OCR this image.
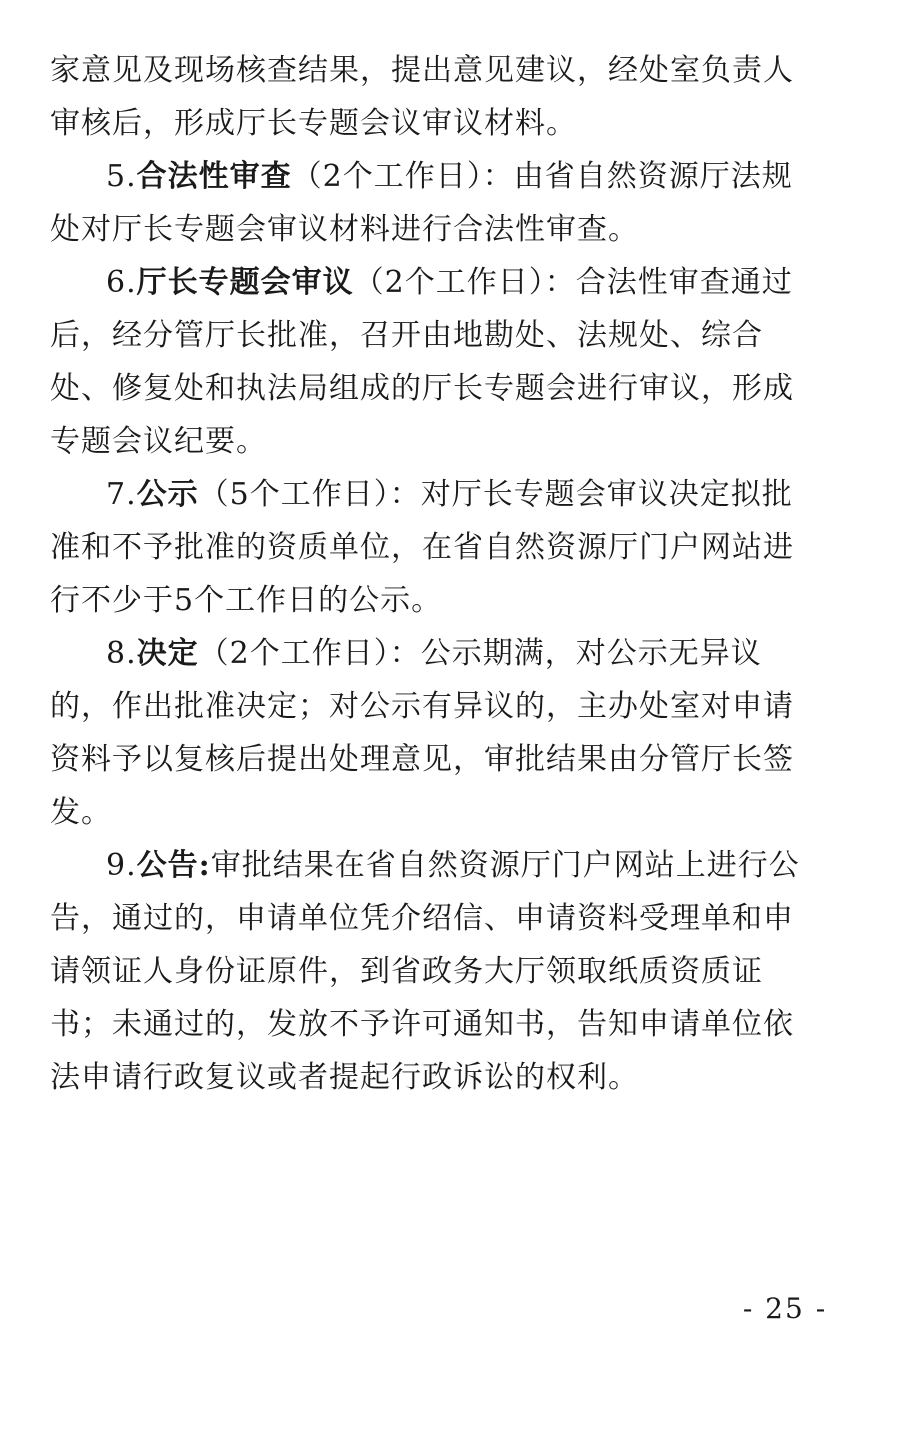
家意见及现场核查结果，提出意见建议，经处室负责人审核后，形成厅长专题会议审议材料。

5.合法性审查（2个工作日）：由省自然资源厅法规处对厅长专题会审议材料进行合法性审查。

6.厅长专题会审议（2个工作日）：合法性审查通过后，经分管厅长批准，召开由地勘处、法规处、综合处、修复处和执法局组成的厅长专题会进行审议，形成专题会议纪要。

7.公示（5个工作日）：对厅长专题会审议决定拟批准和不予批准的资质单位，在省自然资源厅门户网站进行不少于5个工作日的公示。

8.决定（2个工作日）：公示期满，对公示无异议的，作出批准决定；对公示有异议的，主办处室对申请资料予以复核后提出处理意见，审批结果由分管厅长签发。

9.公告:审批结果在省自然资源厅门户网站上进行公告，通过的，申请单位凭介绍信、申请资料受理单和申请领证人身份证原件，到省政务大厅领取纸质资质证书；未通过的，发放不予许可通知书，告知申请单位依法申请行政复议或者提起行政诉讼的权利。

- 25 -
